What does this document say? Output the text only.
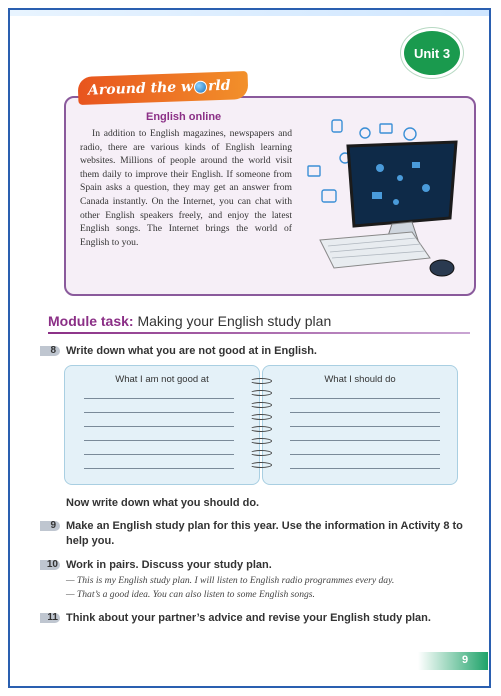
Unit 3
Around the w rld
English online

In addition to English magazines, newspapers and radio, there are various kinds of English learning websites. Millions of people around the world visit them daily to improve their English. If someone from Spain asks a question, they may get an answer from Canada instantly. On the Internet, you can chat with other English speakers freely, and enjoy the latest English songs. The Internet brings the world of English to you.

Module task: Making your English study plan
8 Write down what you are not good at in English.
What I am not good at	What I should do
Now write down what you should do.
9 Make an English study plan for this year. Use the information in Activity 8 to help you.
10 Work in pairs. Discuss your study plan.
— This is my English study plan. I will listen to English radio programmes every day.
— That’s a good idea. You can also listen to some English songs.
11 Think about your partner’s advice and revise your English study plan.
9
